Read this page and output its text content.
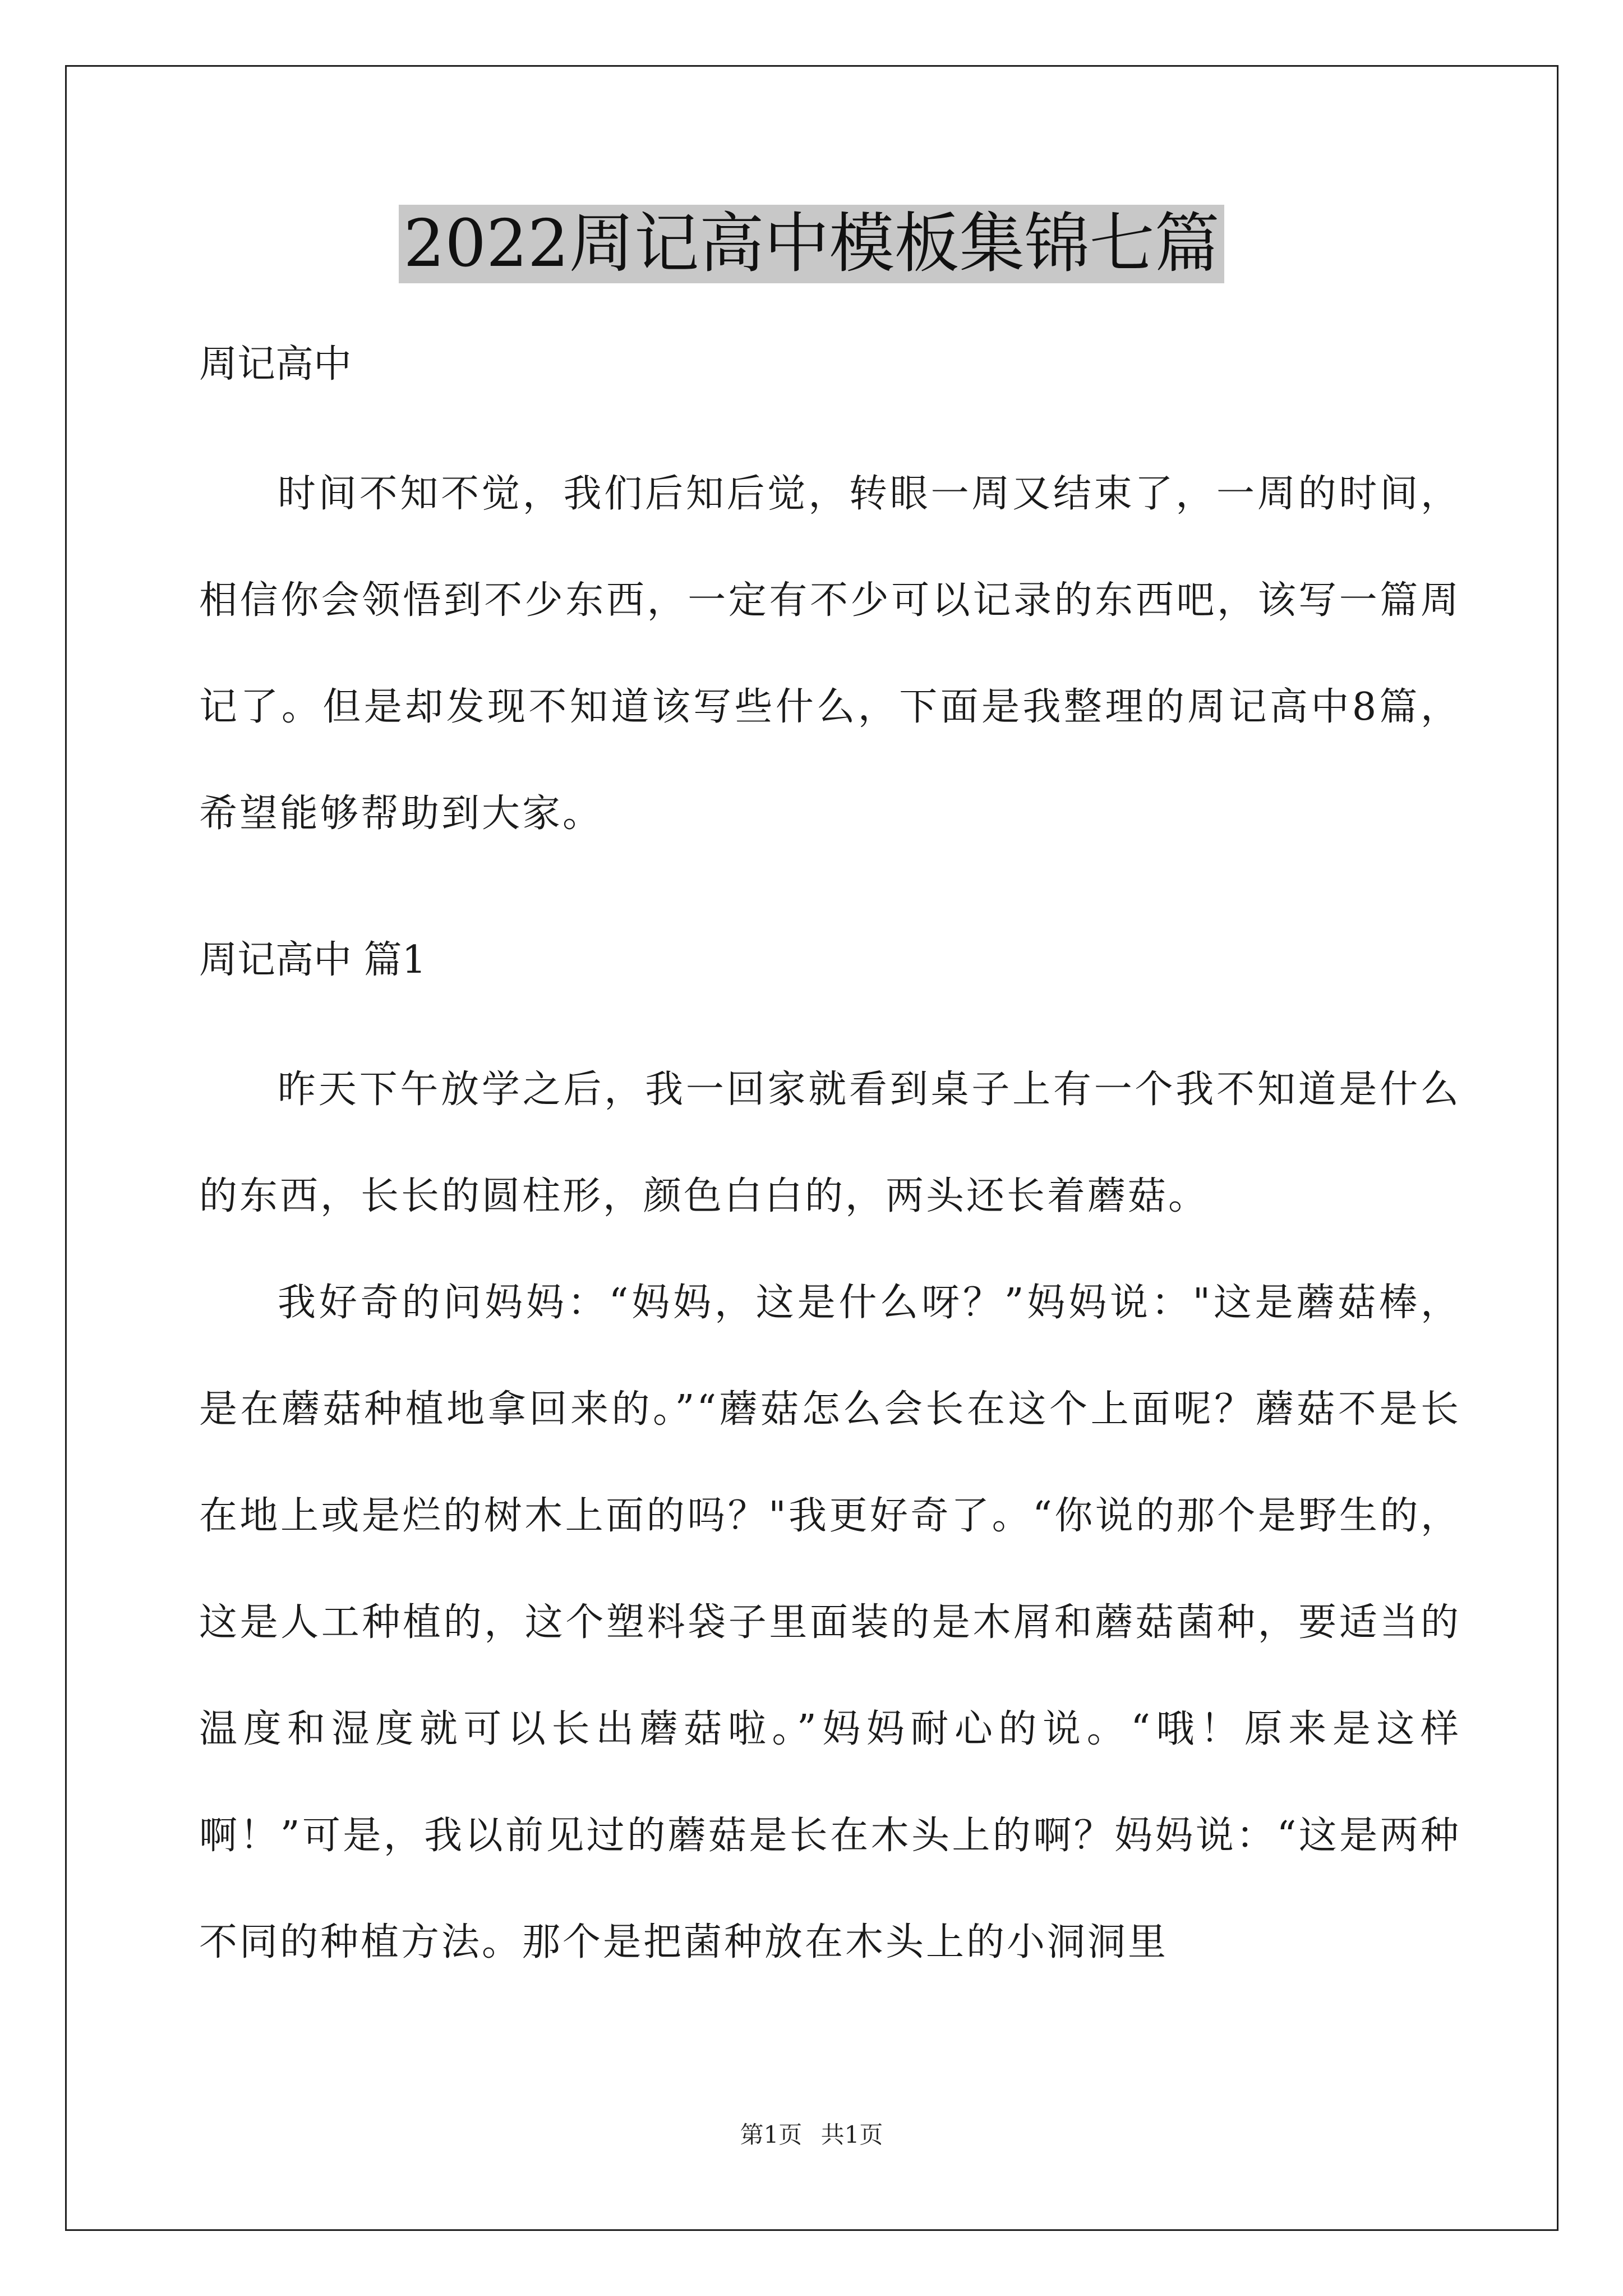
2022周记高中模板集锦七篇
周记高中

时间不知不觉，我们后知后觉，转眼一周又结束了，一周的时间，相信你会领悟到不少东西，一定有不少可以记录的东西吧，该写一篇周记了。但是却发现不知道该写些什么，下面是我整理的周记高中8篇，希望能够帮助到大家。

周记高中 篇1

昨天下午放学之后，我一回家就看到桌子上有一个我不知道是什么的东西，长长的圆柱形，颜色白白的，两头还长着蘑菇。

我好奇的问妈妈：“妈妈，这是什么呀？”妈妈说："这是蘑菇棒，是在蘑菇种植地拿回来的。”“蘑菇怎么会长在这个上面呢？蘑菇不是长在地上或是烂的树木上面的吗？"我更好奇了。“你说的那个是野生的，这是人工种植的，这个塑料袋子里面装的是木屑和蘑菇菌种，要适当的温度和湿度就可以长出蘑菇啦。”妈妈耐心的说。“哦！原来是这样啊！”可是，我以前见过的蘑菇是长在木头上的啊？妈妈说：“这是两种不同的种植方法。那个是把菌种放在木头上的小洞洞里

第1页 共1页
